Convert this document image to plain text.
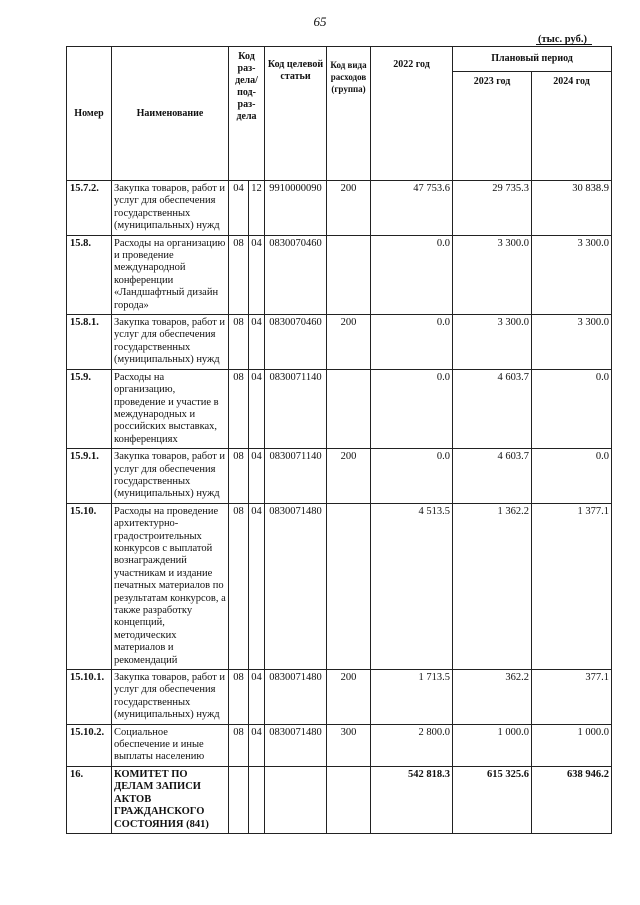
65
(тыс. руб.)
Номер	Наименование	Код раз-дела/ под-раз-дела		Код целевой статьи	Код вида расходов (группа)	2022 год	Плановый период	
							2023 год	2024 год
15.7.2.	Закупка товаров, работ и услуг для обеспечения государственных (муниципальных) нужд	04	12	9910000090	200	47 753.6	29 735.3	30 838.9
15.8.	Расходы на организацию и проведение международной конференции «Ландшафтный дизайн города»	08	04	0830070460		0.0	3 300.0	3 300.0
15.8.1.	Закупка товаров, работ и услуг для обеспечения государственных (муниципальных) нужд	08	04	0830070460	200	0.0	3 300.0	3 300.0
15.9.	Расходы на организацию, проведение и участие в международных и российских выставках, конференциях	08	04	0830071140		0.0	4 603.7	0.0
15.9.1.	Закупка товаров, работ и услуг для обеспечения государственных (муниципальных) нужд	08	04	0830071140	200	0.0	4 603.7	0.0
15.10.	Расходы на проведение архитектурно-градостроительных конкурсов с выплатой вознаграждений участникам и издание печатных материалов по результатам конкурсов, а также разработку концепций, методических материалов и рекомендаций	08	04	0830071480		4 513.5	1 362.2	1 377.1
15.10.1.	Закупка товаров, работ и услуг для обеспечения государственных (муниципальных) нужд	08	04	0830071480	200	1 713.5	362.2	377.1
15.10.2.	Социальное обеспечение и иные выплаты населению	08	04	0830071480	300	2 800.0	1 000.0	1 000.0
16.	КОМИТЕТ ПО ДЕЛАМ ЗАПИСИ АКТОВ ГРАЖДАНСКОГО СОСТОЯНИЯ (841)					542 818.3	615 325.6	638 946.2
